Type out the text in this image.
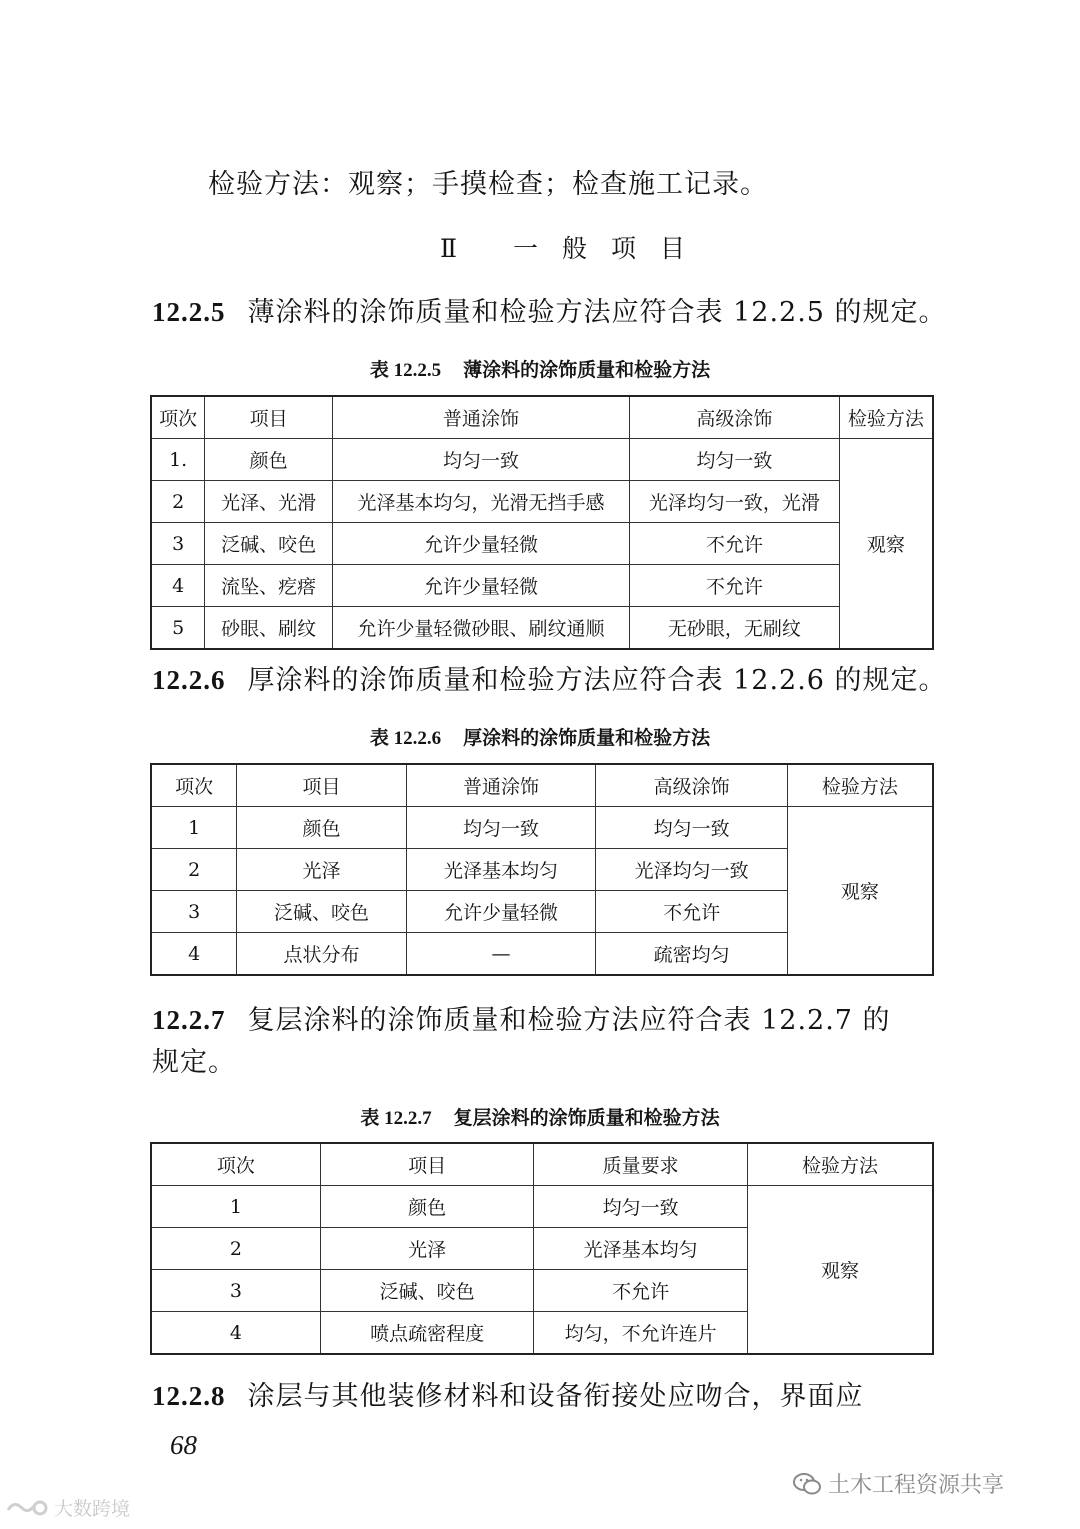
检验方法：观察；手摸检查；检查施工记录。
Ⅱ 一般项目
12.2.5 薄涂料的涂饰质量和检验方法应符合表 12.2.5 的规定。
表 12.2.5 薄涂料的涂饰质量和检验方法
项次	项目	普通涂饰	高级涂饰	检验方法
1.	颜色	均匀一致	均匀一致	观察
2	光泽、光滑	光泽基本均匀，光滑无挡手感	光泽均匀一致，光滑	
3	泛碱、咬色	允许少量轻微	不允许	
4	流坠、疙瘩	允许少量轻微	不允许	
5	砂眼、刷纹	允许少量轻微砂眼、刷纹通顺	无砂眼，无刷纹	
12.2.6 厚涂料的涂饰质量和检验方法应符合表 12.2.6 的规定。
表 12.2.6 厚涂料的涂饰质量和检验方法
项次	项目	普通涂饰	高级涂饰	检验方法
1	颜色	均匀一致	均匀一致	观察
2	光泽	光泽基本均匀	光泽均匀一致	
3	泛碱、咬色	允许少量轻微	不允许	
4	点状分布	—	疏密均匀	
12.2.7 复层涂料的涂饰质量和检验方法应符合表 12.2.7 的
规定。
表 12.2.7 复层涂料的涂饰质量和检验方法
项次	项目	质量要求	检验方法
1	颜色	均匀一致	观察
2	光泽	光泽基本均匀	
3	泛碱、咬色	不允许	
4	喷点疏密程度	均匀，不允许连片	
12.2.8 涂层与其他装修材料和设备衔接处应吻合，界面应
68
土木工程资源共享
大数跨境
